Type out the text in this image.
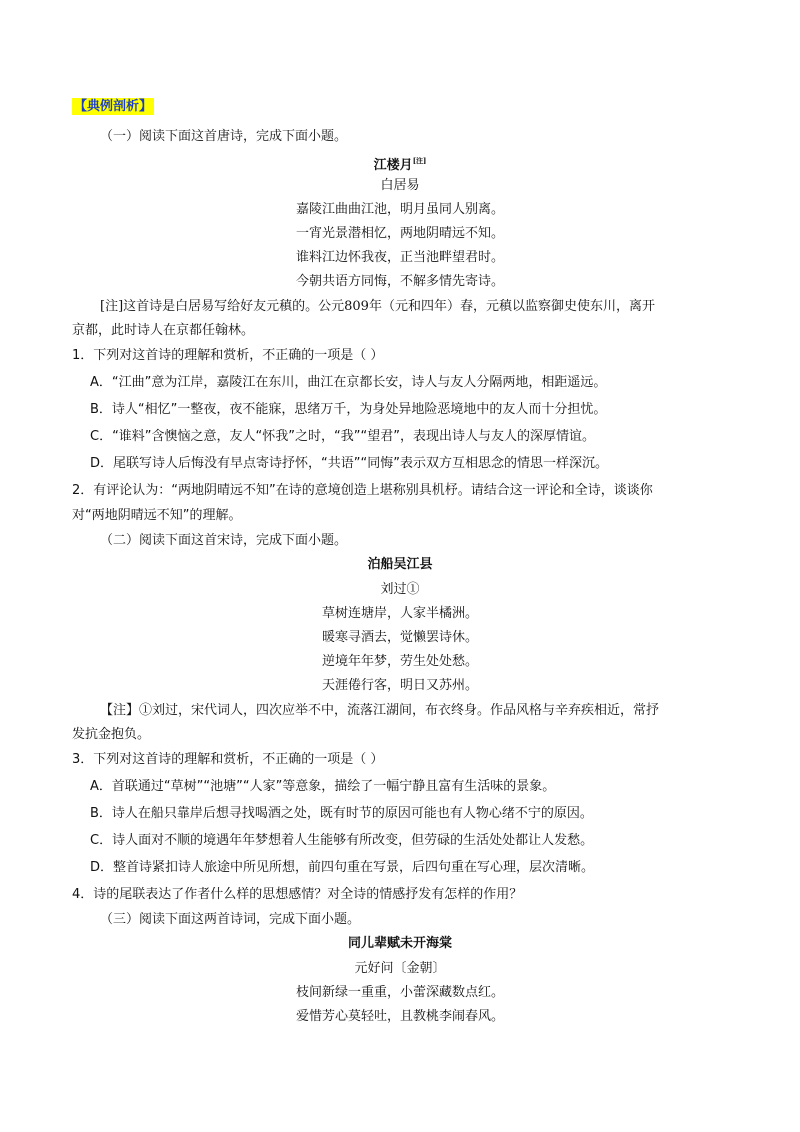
【典例剖析】
（一）阅读下面这首唐诗，完成下面小题。
江楼月[注]
白居易
嘉陵江曲曲江池，明月虽同人别离。
一宵光景潜相忆，两地阴晴远不知。
谁料江边怀我夜，正当池畔望君时。
今朝共语方同悔，不解多情先寄诗。
[注]这首诗是白居易写给好友元稹的。公元809年（元和四年）春，元稹以监察御史使东川，离开
京都，此时诗人在京都任翰林。
1．下列对这首诗的理解和赏析，不正确的一项是（ ）
A．“江曲”意为江岸，嘉陵江在东川，曲江在京都长安，诗人与友人分隔两地，相距遥远。
B．诗人“相忆”一整夜，夜不能寐，思绪万千，为身处异地险恶境地中的友人而十分担忧。
C．“谁料”含懊恼之意，友人“怀我”之时，“我”“望君”，表现出诗人与友人的深厚情谊。
D．尾联写诗人后悔没有早点寄诗抒怀，“共语”“同悔”表示双方互相思念的情思一样深沉。
2．有评论认为：“两地阴晴远不知”在诗的意境创造上堪称别具机杼。请结合这一评论和全诗，谈谈你
对“两地阴晴远不知”的理解。
（二）阅读下面这首宋诗，完成下面小题。
泊船吴江县
刘过①
草树连塘岸，人家半橘洲。
暖寒寻酒去，觉懒罢诗休。
逆境年年梦，劳生处处愁。
天涯倦行客，明日又苏州。
【注】①刘过，宋代词人，四次应举不中，流落江湖间，布衣终身。作品风格与辛弃疾相近，常抒
发抗金抱负。
3．下列对这首诗的理解和赏析，不正确的一项是（ ）
A．首联通过“草树”“池塘”“人家”等意象，描绘了一幅宁静且富有生活味的景象。
B．诗人在船只靠岸后想寻找喝酒之处，既有时节的原因可能也有人物心绪不宁的原因。
C．诗人面对不顺的境遇年年梦想着人生能够有所改变，但劳碌的生活处处都让人发愁。
D．整首诗紧扣诗人旅途中所见所想，前四句重在写景，后四句重在写心理，层次清晰。
4．诗的尾联表达了作者什么样的思想感情？对全诗的情感抒发有怎样的作用？
（三）阅读下面这两首诗词，完成下面小题。
同儿辈赋未开海棠
元好问〔金朝〕
枝间新绿一重重，小蕾深藏数点红。
爱惜芳心莫轻吐，且教桃李闹春风。
